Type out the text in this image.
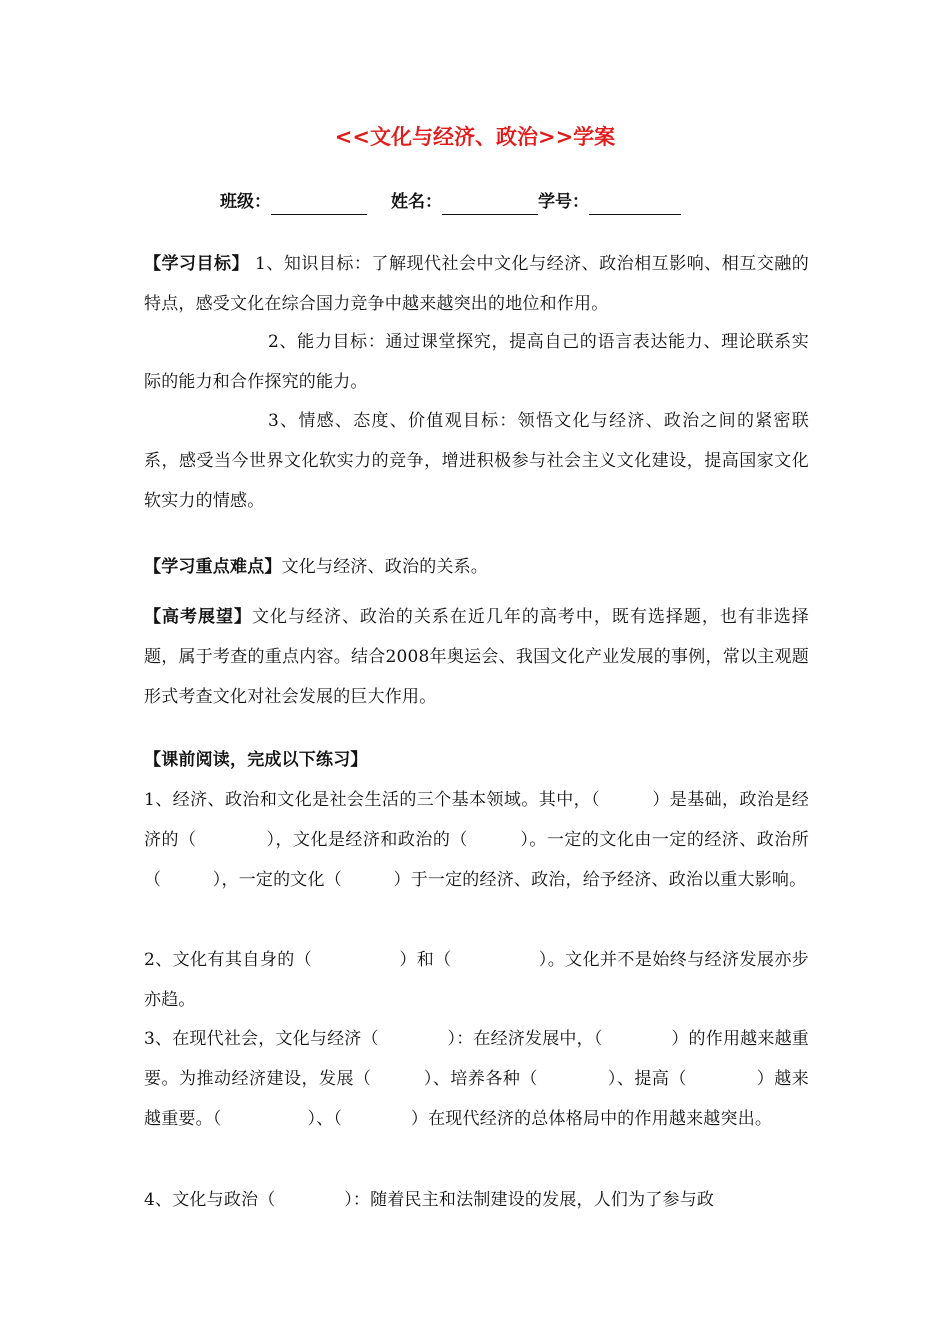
<<文化与经济、政治>>学案
班级：	姓名：	学号：
【学习目标】 1、知识目标：了解现代社会中文化与经济、政治相互影响、相互交融的特点，感受文化在综合国力竞争中越来越突出的地位和作用。
2、能力目标：通过课堂探究，提高自己的语言表达能力、理论联系实际的能力和合作探究的能力。
3、情感、态度、价值观目标：领悟文化与经济、政治之间的紧密联系，感受当今世界文化软实力的竞争，增进积极参与社会主义文化建设，提高国家文化软实力的情感。
【学习重点难点】文化与经济、政治的关系。
【高考展望】文化与经济、政治的关系在近几年的高考中，既有选择题，也有非选择题，属于考查的重点内容。结合2008年奥运会、我国文化产业发展的事例，常以主观题形式考查文化对社会发展的巨大作用。
【课前阅读，完成以下练习】
1、经济、政治和文化是社会生活的三个基本领域。其中，（　　　）是基础，政治是经济的（　　　　），文化是经济和政治的（　　　）。一定的文化由一定的经济、政治所（　　　），一定的文化（　　　）于一定的经济、政治，给予经济、政治以重大影响。
2、文化有其自身的（　　　　　）和（　　　　　）。文化并不是始终与经济发展亦步亦趋。
3、在现代社会，文化与经济（　　　　）：在经济发展中，（　　　　）的作用越来越重要。为推动经济建设，发展（　　　）、培养各种（　　　　）、提高（　　　　）越来越重要。（　　　　　）、（　　　　）在现代经济的总体格局中的作用越来越突出。
4、文化与政治（　　　　）：随着民主和法制建设的发展，人们为了参与政
